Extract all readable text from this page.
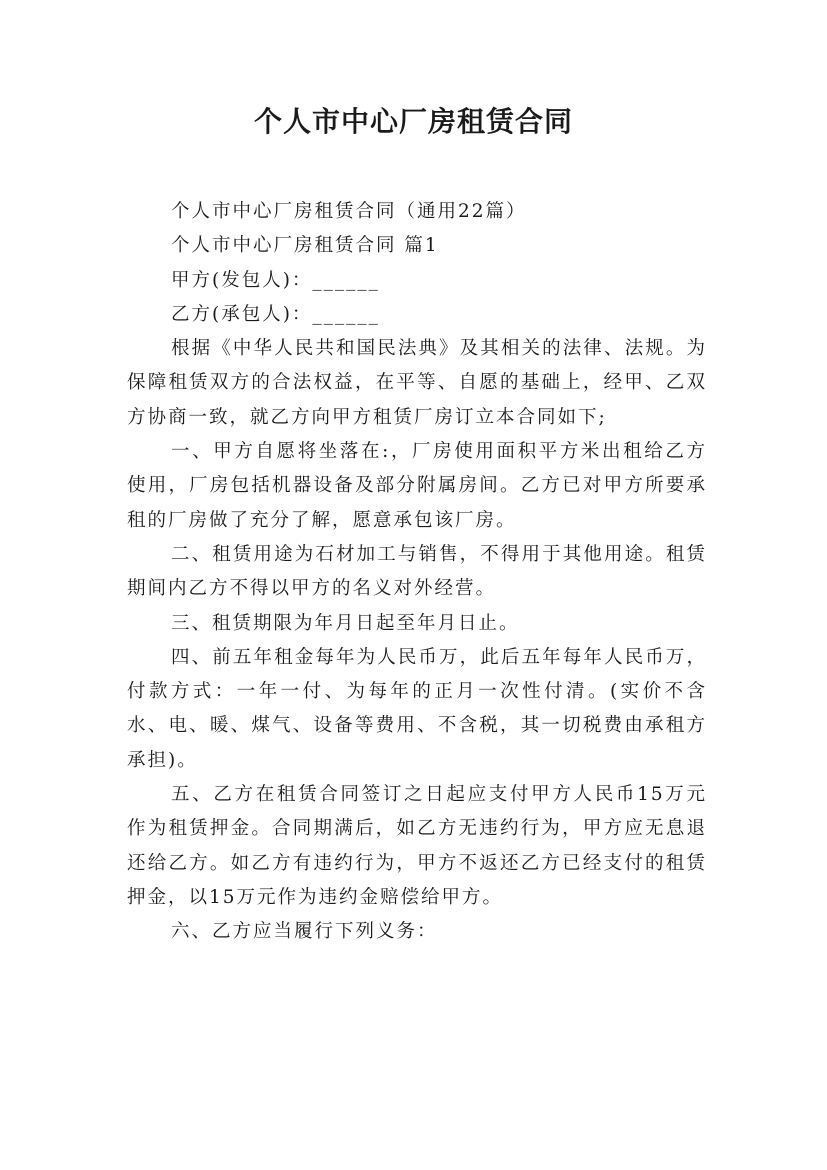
个人市中心厂房租赁合同

个人市中心厂房租赁合同（通用22篇）

个人市中心厂房租赁合同 篇1

甲方(发包人)：______

乙方(承包人)：______

根据《中华人民共和国民法典》及其相关的法律、法规。为保障租赁双方的合法权益，在平等、自愿的基础上，经甲、乙双方协商一致，就乙方向甲方租赁厂房订立本合同如下;

一、甲方自愿将坐落在:，厂房使用面积平方米出租给乙方使用，厂房包括机器设备及部分附属房间。乙方已对甲方所要承租的厂房做了充分了解，愿意承包该厂房。

二、租赁用途为石材加工与销售，不得用于其他用途。租赁期间内乙方不得以甲方的名义对外经营。

三、租赁期限为年月日起至年月日止。

四、前五年租金每年为人民币万，此后五年每年人民币万，付款方式：一年一付、为每年的正月一次性付清。(实价不含水、电、暖、煤气、设备等费用、不含税，其一切税费由承租方承担)。

五、乙方在租赁合同签订之日起应支付甲方人民币15万元作为租赁押金。合同期满后，如乙方无违约行为，甲方应无息退还给乙方。如乙方有违约行为，甲方不返还乙方已经支付的租赁押金，以15万元作为违约金赔偿给甲方。

六、乙方应当履行下列义务：
